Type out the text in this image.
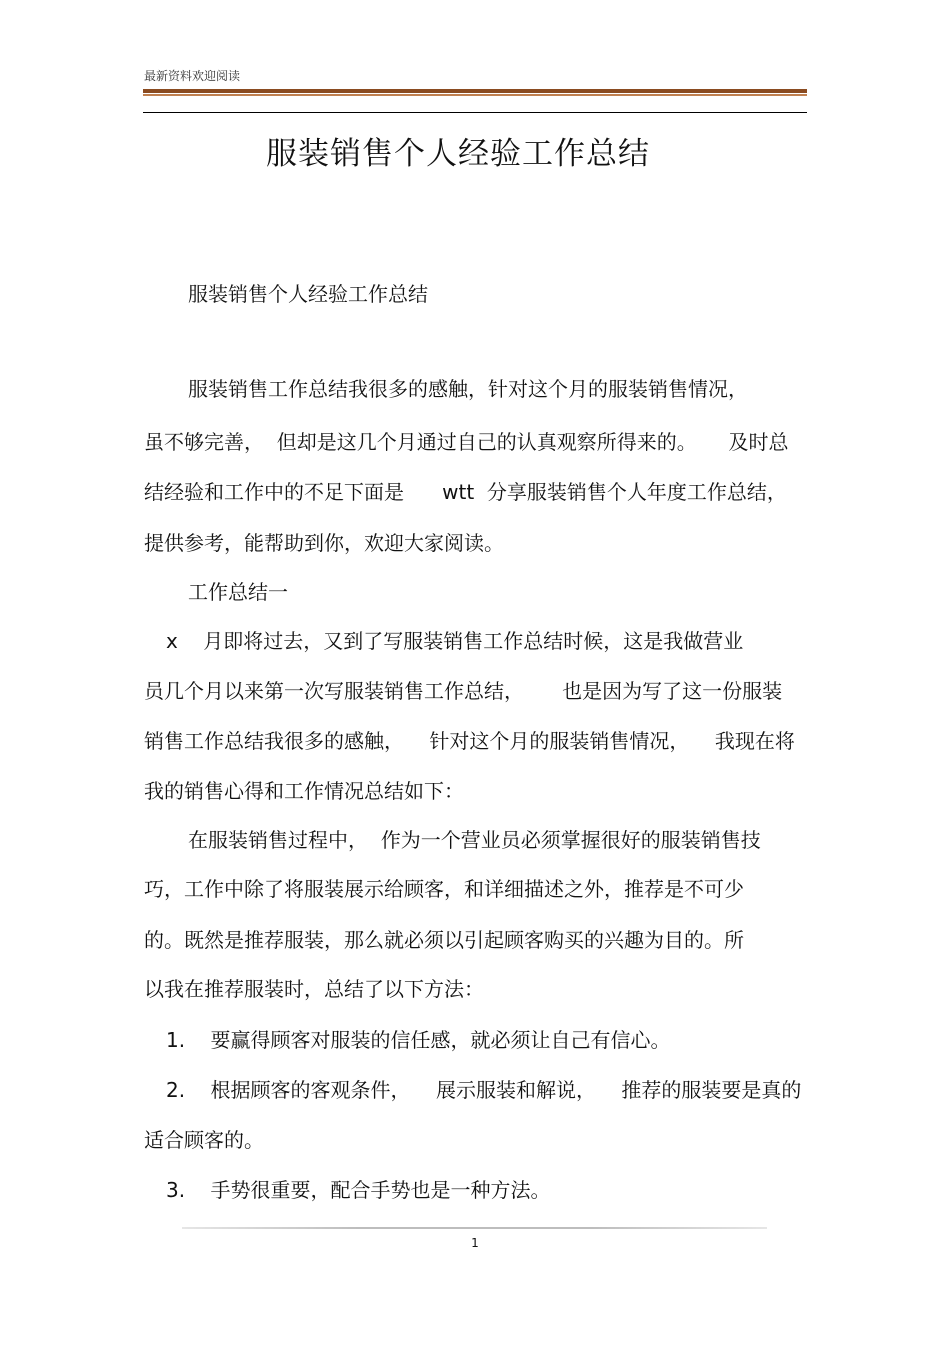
最新资料欢迎阅读
服装销售个人经验工作总结
服装销售个人经验工作总结
服装销售工作总结我很多的感触，针对这个月的服装销售情况，
虽不够完善，  但却是这几个月通过自己的认真观察所得来的。     及时总
结经验和工作中的不足下面是      wtt  分享服装销售个人年度工作总结，
提供参考，能帮助到你，欢迎大家阅读。
工作总结一
x    月即将过去，又到了写服装销售工作总结时候，这是我做营业
员几个月以来第一次写服装销售工作总结，      也是因为写了这一份服装
销售工作总结我很多的感触，    针对这个月的服装销售情况，    我现在将
我的销售心得和工作情况总结如下：
在服装销售过程中，  作为一个营业员必须掌握很好的服装销售技
巧，工作中除了将服装展示给顾客，和详细描述之外，推荐是不可少
的。既然是推荐服装，那么就必须以引起顾客购买的兴趣为目的。所
以我在推荐服装时，总结了以下方法：
1.    要赢得顾客对服装的信任感，就必须让自己有信心。
2.    根据顾客的客观条件，    展示服装和解说，    推荐的服装要是真的
适合顾客的。
3.    手势很重要，配合手势也是一种方法。
1
